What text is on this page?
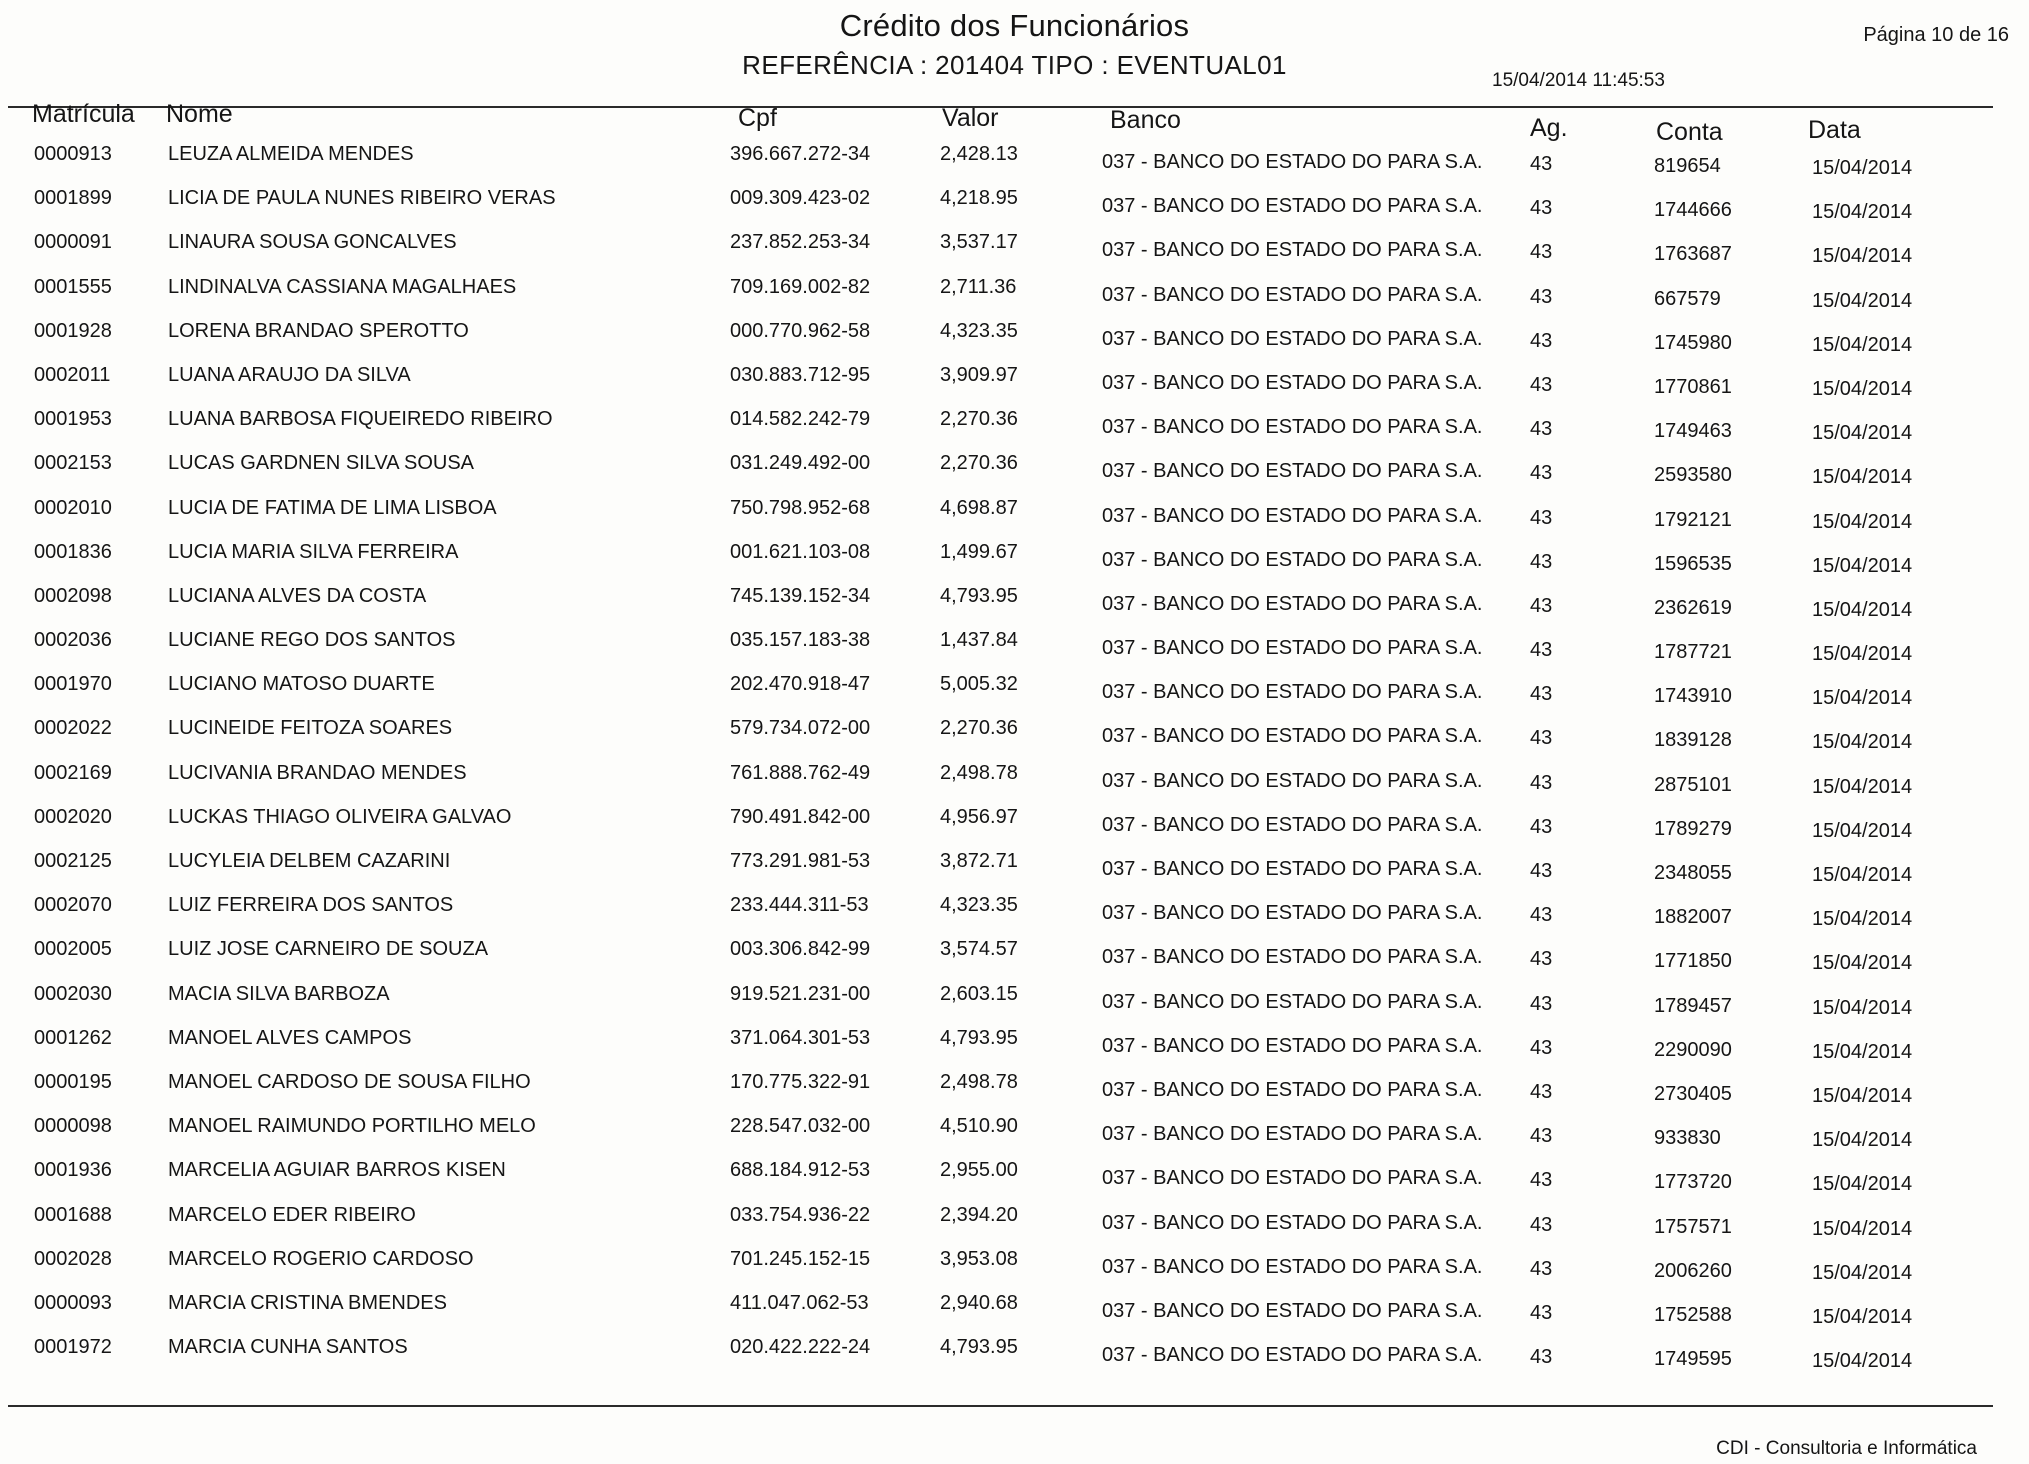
Crédito dos Funcionários
REFERÊNCIA : 201404 TIPO : EVENTUAL01
Página 10 de 16
15/04/2014 11:45:53
Matrícula Nome	Cpf	Valor	Banco	Ag.	Conta	Data
0000913	LEUZA ALMEIDA MENDES	396.667.272-34	2,428.13	037 - BANCO DO ESTADO DO PARA S.A. 43	819654	15/04/2014
0001899	LICIA DE PAULA NUNES RIBEIRO VERAS	009.309.423-02	4,218.95	037 - BANCO DO ESTADO DO PARA S.A. 43	1744666	15/04/2014
0000091	LINAURA SOUSA GONCALVES	237.852.253-34	3,537.17	037 - BANCO DO ESTADO DO PARA S.A. 43	1763687	15/04/2014
0001555	LINDINALVA CASSIANA MAGALHAES	709.169.002-82	2,711.36	037 - BANCO DO ESTADO DO PARA S.A. 43	667579	15/04/2014
0001928	LORENA BRANDAO SPEROTTO	000.770.962-58	4,323.35	037 - BANCO DO ESTADO DO PARA S.A. 43	1745980	15/04/2014
0002011	LUANA ARAUJO DA SILVA	030.883.712-95	3,909.97	037 - BANCO DO ESTADO DO PARA S.A. 43	1770861	15/04/2014
0001953	LUANA BARBOSA FIQUEIREDO RIBEIRO	014.582.242-79	2,270.36	037 - BANCO DO ESTADO DO PARA S.A. 43	1749463	15/04/2014
0002153	LUCAS GARDNEN SILVA SOUSA	031.249.492-00	2,270.36	037 - BANCO DO ESTADO DO PARA S.A. 43	2593580	15/04/2014
0002010	LUCIA DE FATIMA DE LIMA LISBOA	750.798.952-68	4,698.87	037 - BANCO DO ESTADO DO PARA S.A. 43	1792121	15/04/2014
0001836	LUCIA MARIA SILVA FERREIRA	001.621.103-08	1,499.67	037 - BANCO DO ESTADO DO PARA S.A. 43	1596535	15/04/2014
0002098	LUCIANA ALVES DA COSTA	745.139.152-34	4,793.95	037 - BANCO DO ESTADO DO PARA S.A. 43	2362619	15/04/2014
0002036	LUCIANE REGO DOS SANTOS	035.157.183-38	1,437.84	037 - BANCO DO ESTADO DO PARA S.A. 43	1787721	15/04/2014
0001970	LUCIANO MATOSO DUARTE	202.470.918-47	5,005.32	037 - BANCO DO ESTADO DO PARA S.A. 43	1743910	15/04/2014
0002022	LUCINEIDE FEITOZA SOARES	579.734.072-00	2,270.36	037 - BANCO DO ESTADO DO PARA S.A. 43	1839128	15/04/2014
0002169	LUCIVANIA BRANDAO MENDES	761.888.762-49	2,498.78	037 - BANCO DO ESTADO DO PARA S.A. 43	2875101	15/04/2014
0002020	LUCKAS THIAGO OLIVEIRA GALVAO	790.491.842-00	4,956.97	037 - BANCO DO ESTADO DO PARA S.A. 43	1789279	15/04/2014
0002125	LUCYLEIA DELBEM CAZARINI	773.291.981-53	3,872.71	037 - BANCO DO ESTADO DO PARA S.A. 43	2348055	15/04/2014
0002070	LUIZ FERREIRA DOS SANTOS	233.444.311-53	4,323.35	037 - BANCO DO ESTADO DO PARA S.A. 43	1882007	15/04/2014
0002005	LUIZ JOSE CARNEIRO DE SOUZA	003.306.842-99	3,574.57	037 - BANCO DO ESTADO DO PARA S.A. 43	1771850	15/04/2014
0002030	MACIA SILVA BARBOZA	919.521.231-00	2,603.15	037 - BANCO DO ESTADO DO PARA S.A. 43	1789457	15/04/2014
0001262	MANOEL ALVES CAMPOS	371.064.301-53	4,793.95	037 - BANCO DO ESTADO DO PARA S.A. 43	2290090	15/04/2014
0000195	MANOEL CARDOSO DE SOUSA FILHO	170.775.322-91	2,498.78	037 - BANCO DO ESTADO DO PARA S.A. 43	2730405	15/04/2014
0000098	MANOEL RAIMUNDO PORTILHO MELO	228.547.032-00	4,510.90	037 - BANCO DO ESTADO DO PARA S.A. 43	933830	15/04/2014
0001936	MARCELIA AGUIAR BARROS KISEN	688.184.912-53	2,955.00	037 - BANCO DO ESTADO DO PARA S.A. 43	1773720	15/04/2014
0001688	MARCELO EDER RIBEIRO	033.754.936-22	2,394.20	037 - BANCO DO ESTADO DO PARA S.A. 43	1757571	15/04/2014
0002028	MARCELO ROGERIO CARDOSO	701.245.152-15	3,953.08	037 - BANCO DO ESTADO DO PARA S.A. 43	2006260	15/04/2014
0000093	MARCIA CRISTINA BMENDES	411.047.062-53	2,940.68	037 - BANCO DO ESTADO DO PARA S.A. 43	1752588	15/04/2014
0001972	MARCIA CUNHA SANTOS	020.422.222-24	4,793.95	037 - BANCO DO ESTADO DO PARA S.A. 43	1749595	15/04/2014
CDI - Consultoria e Informática
